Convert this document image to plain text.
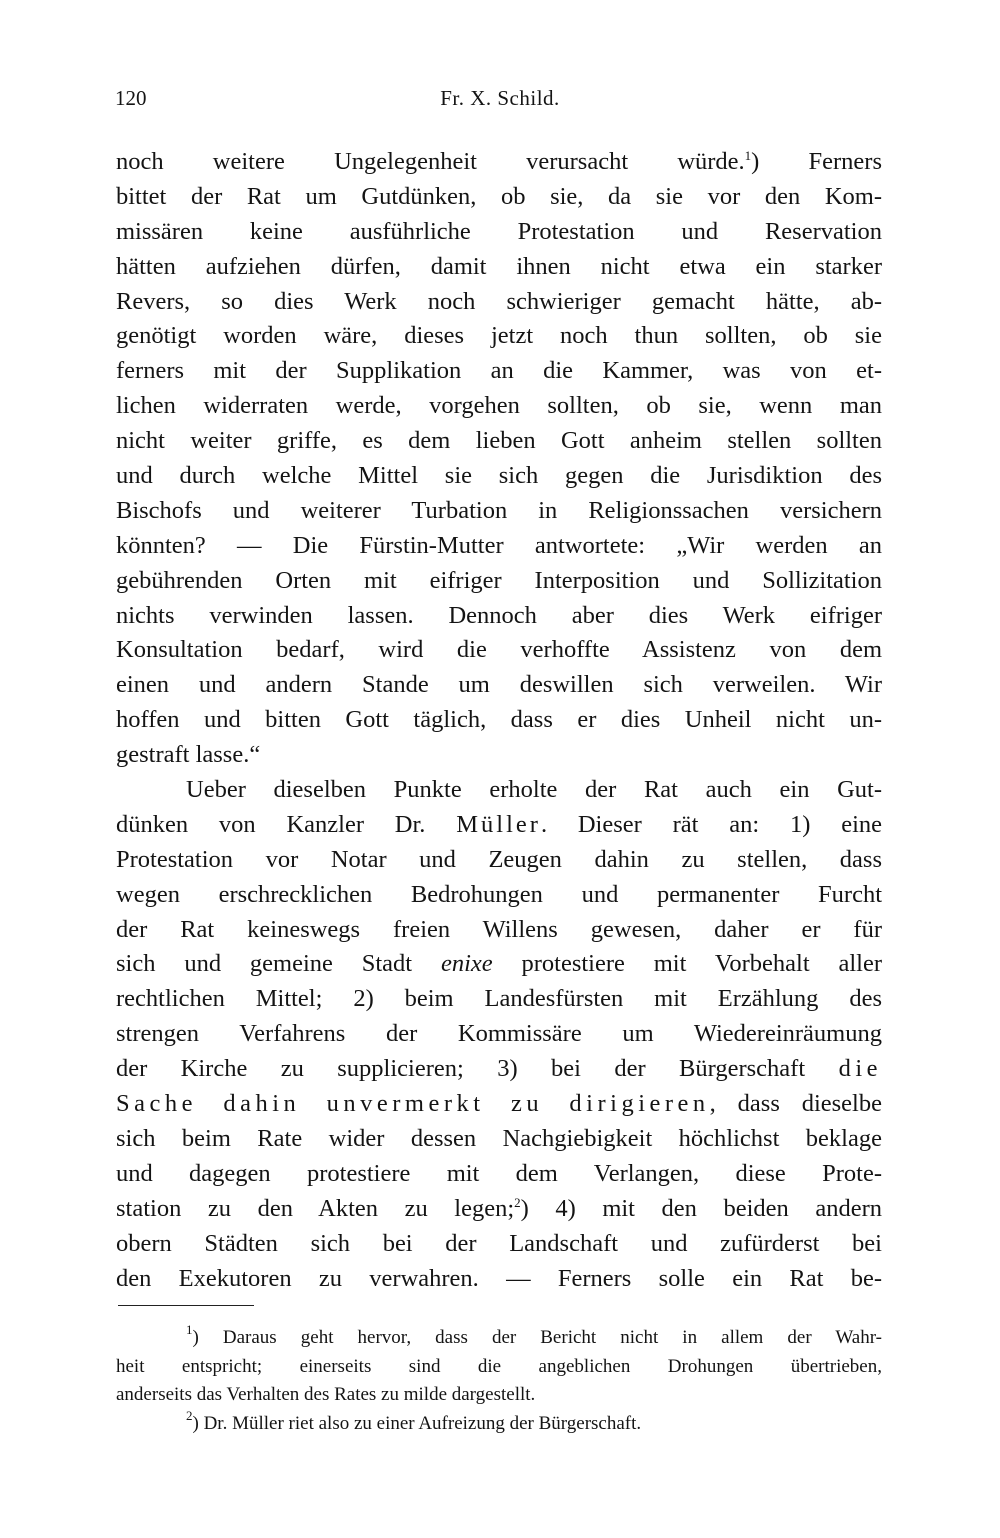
120	Fr. X. Schild.
noch weitere Ungelegenheit verursacht würde.$^1$) Ferners
bittet der Rat um Gutdünken, ob sie, da sie vor den Kom-
missären keine ausführliche Protestation und Reservation
hätten aufziehen dürfen, damit ihnen nicht etwa ein starker
Revers, so dies Werk noch schwieriger gemacht hätte, ab-
genötigt worden wäre, dieses jetzt noch thun sollten, ob sie
ferners mit der Supplikation an die Kammer, was von et-
lichen widerraten werde, vorgehen sollten, ob sie, wenn man
nicht weiter griffe, es dem lieben Gott anheim stellen sollten
und durch welche Mittel sie sich gegen die Jurisdiktion des
Bischofs und weiterer Turbation in Religionssachen versichern
könnten? — Die Fürstin-Mutter antwortete: „Wir werden an
gebührenden Orten mit eifriger Interposition und Sollizitation
nichts verwinden lassen. Dennoch aber dies Werk eifriger
Konsultation bedarf, wird die verhoffte Assistenz von dem
einen und andern Stande um deswillen sich verweilen. Wir
hoffen und bitten Gott täglich, dass er dies Unheil nicht un-
gestraft lasse.“
Ueber dieselben Punkte erholte der Rat auch ein Gut-
dünken von Kanzler Dr. Müller. Dieser rät an: 1) eine
Protestation vor Notar und Zeugen dahin zu stellen, dass
wegen erschrecklichen Bedrohungen und permanenter Furcht
der Rat keineswegs freien Willens gewesen, daher er für
sich und gemeine Stadt enixe protestiere mit Vorbehalt aller
rechtlichen Mittel; 2) beim Landesfürsten mit Erzählung des
strengen Verfahrens der Kommissäre um Wiedereinräumung
der Kirche zu supplicieren; 3) bei der Bürgerschaft die
Sache dahin unvermerkt zu dirigieren, dass dieselbe
sich beim Rate wider dessen Nachgiebigkeit höchlichst beklage
und dagegen protestiere mit dem Verlangen, diese Prote-
station zu den Akten zu legen;$^2$) 4) mit den beiden andern
obern Städten sich bei der Landschaft und zufürderst bei
den Exekutoren zu verwahren. — Ferners solle ein Rat be-
$^1$) Daraus geht hervor, dass der Bericht nicht in allem der Wahr-
heit entspricht; einerseits sind die angeblichen Drohungen übertrieben,
anderseits das Verhalten des Rates zu milde dargestellt.
$^2$) Dr. Müller riet also zu einer Aufreizung der Bürgerschaft.
